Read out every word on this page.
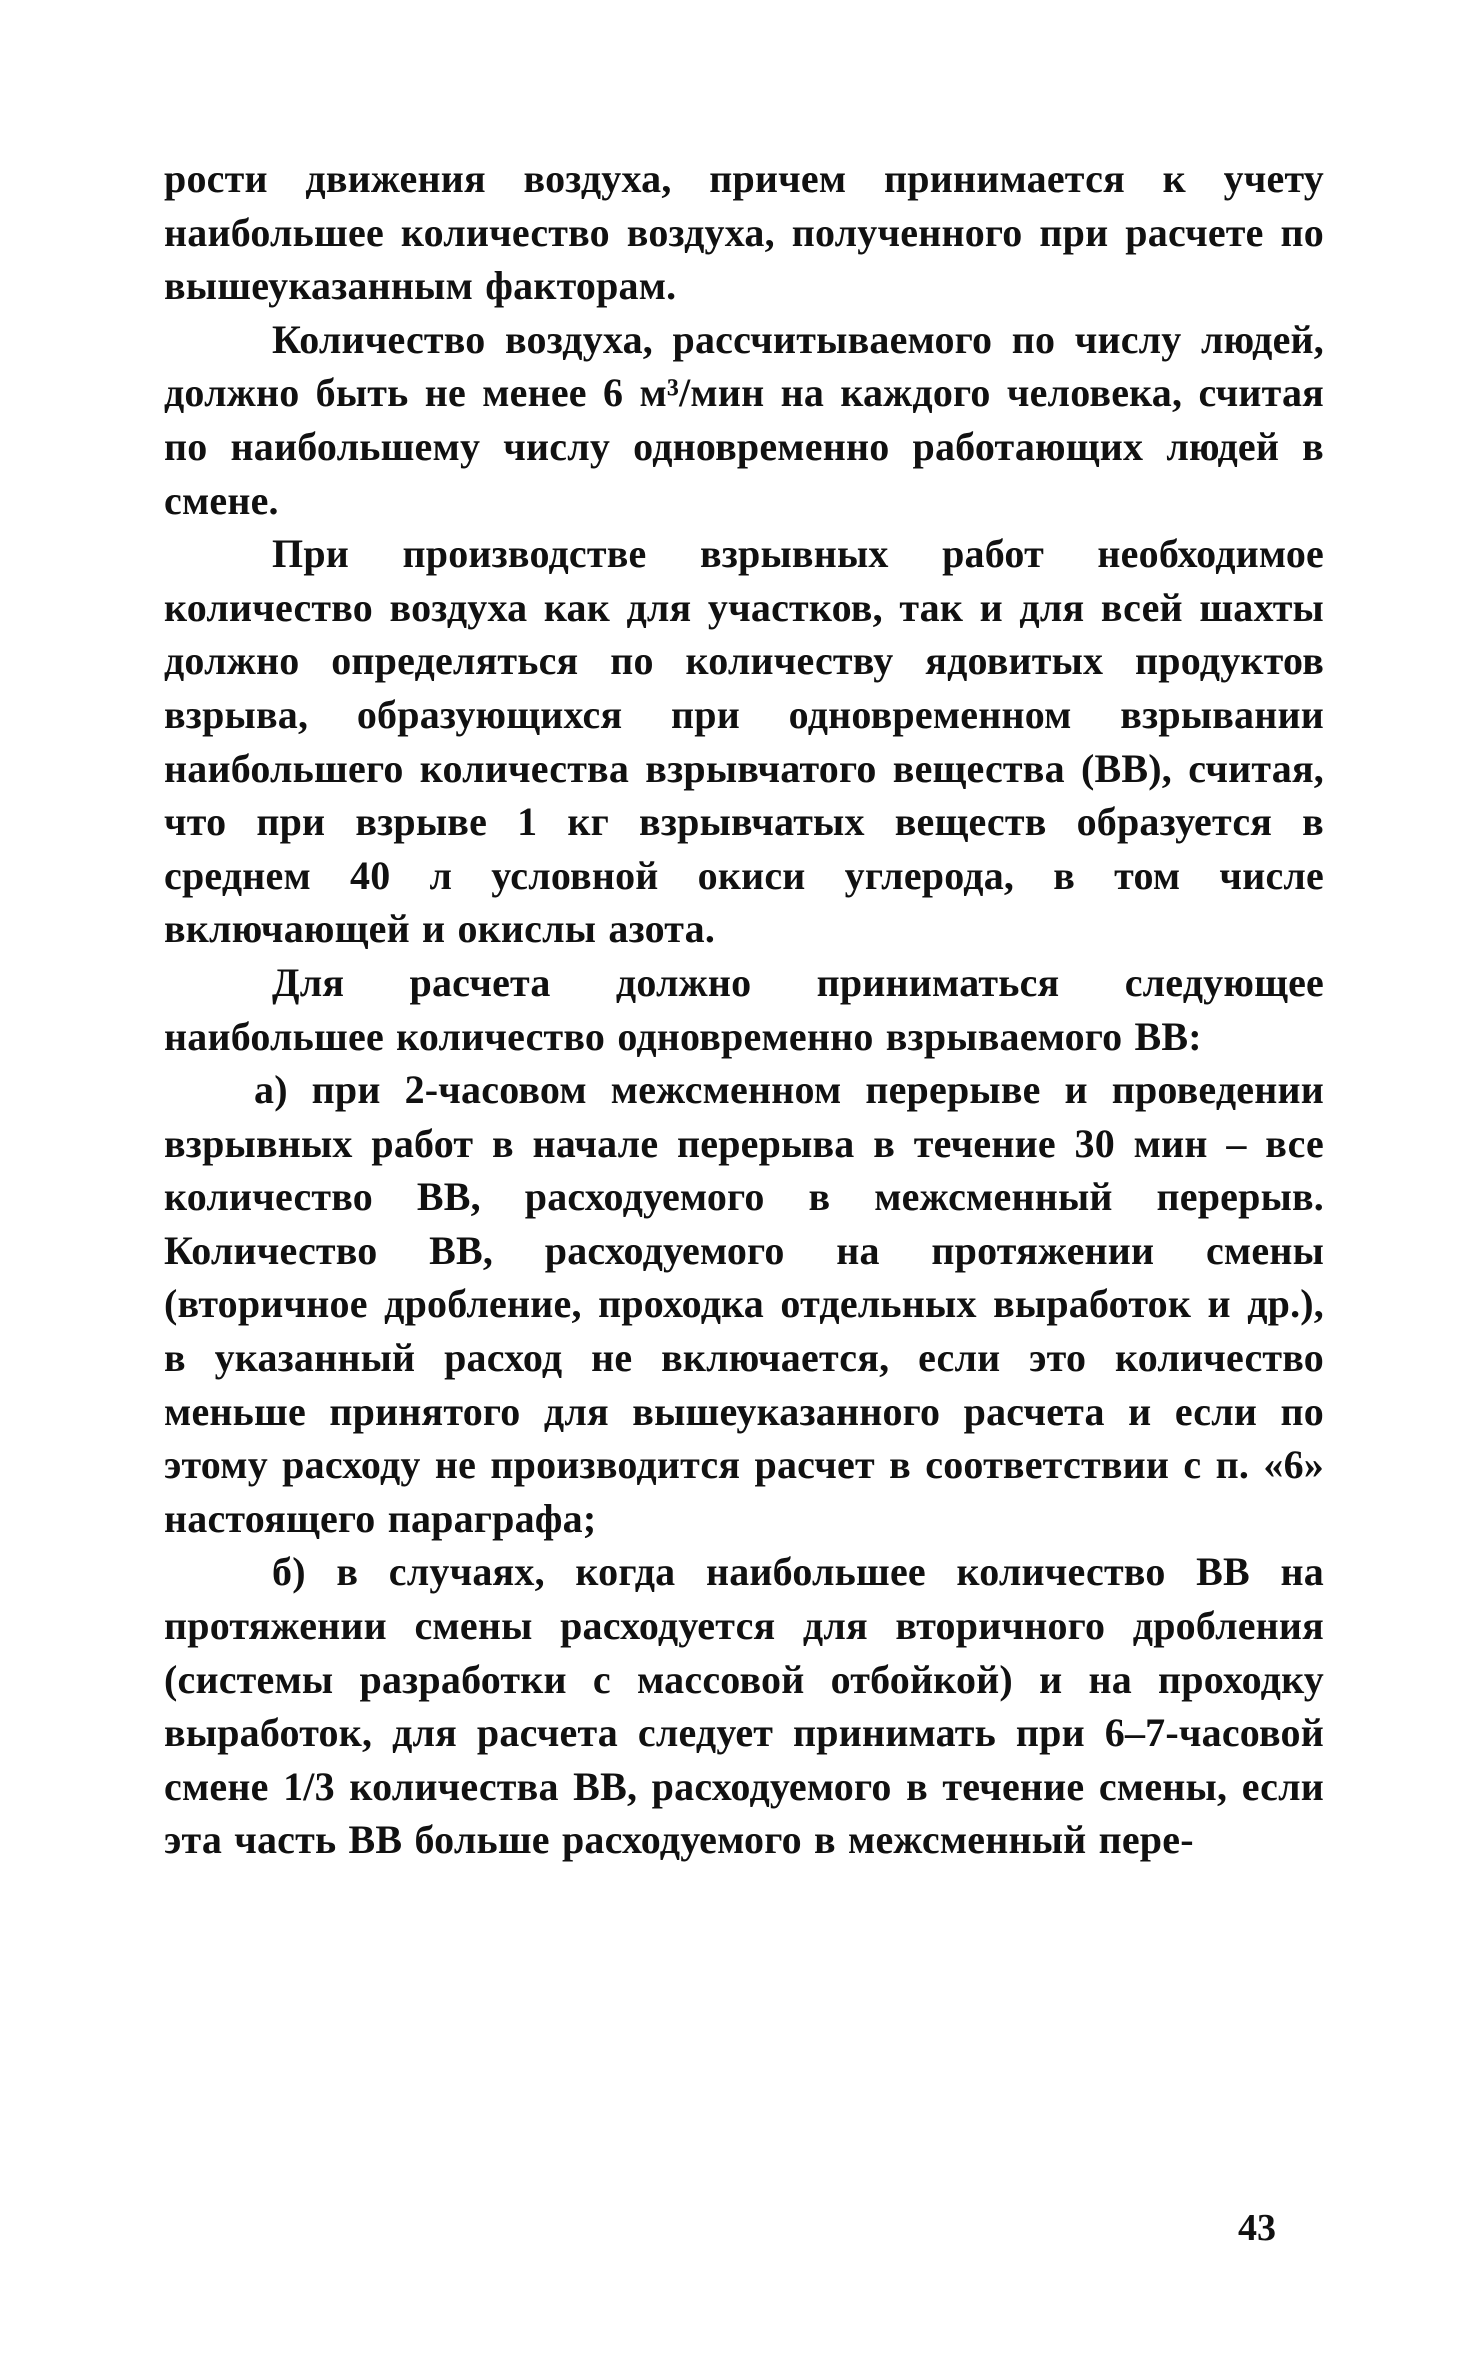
рости движения воздуха, причем принимается к учету наибольшее количество воздуха, полученного при расчете по вышеуказанным факторам.

Количество воздуха, рассчитываемого по числу людей, должно быть не менее 6 м³/мин на каждого человека, считая по наибольшему числу одновременно работающих людей в смене.

При производстве взрывных работ необходимое количество воздуха как для участков, так и для всей шахты должно определяться по количеству ядовитых продуктов взрыва, образующихся при одновременном взрывании наибольшего количества взрывчатого вещества (ВВ), считая, что при взрыве 1 кг взрывчатых веществ образуется в среднем 40 л условной окиси углерода, в том числе включающей и окислы азота.

Для расчета должно приниматься следующее наибольшее количество одновременно взрываемого ВВ:

а) при 2-часовом межсменном перерыве и проведении взрывных работ в начале перерыва в течение 30 мин – все количество ВВ, расходуемого в межсменный перерыв. Количество ВВ, расходуемого на протяжении смены (вторичное дробление, проходка отдельных выработок и др.), в указанный расход не включается, если это количество меньше принятого для вышеуказанного расчета и если по этому расходу не производится расчет в соответствии с п. «6» настоящего параграфа;

б) в случаях, когда наибольшее количество ВВ на протяжении смены расходуется для вторичного дробления (системы разработки с массовой отбойкой) и на проходку выработок, для расчета следует принимать при 6–7-часовой смене 1/3 количества ВВ, расходуемого в течение смены, если эта часть ВВ больше расходуемого в межсменный пере-

43
